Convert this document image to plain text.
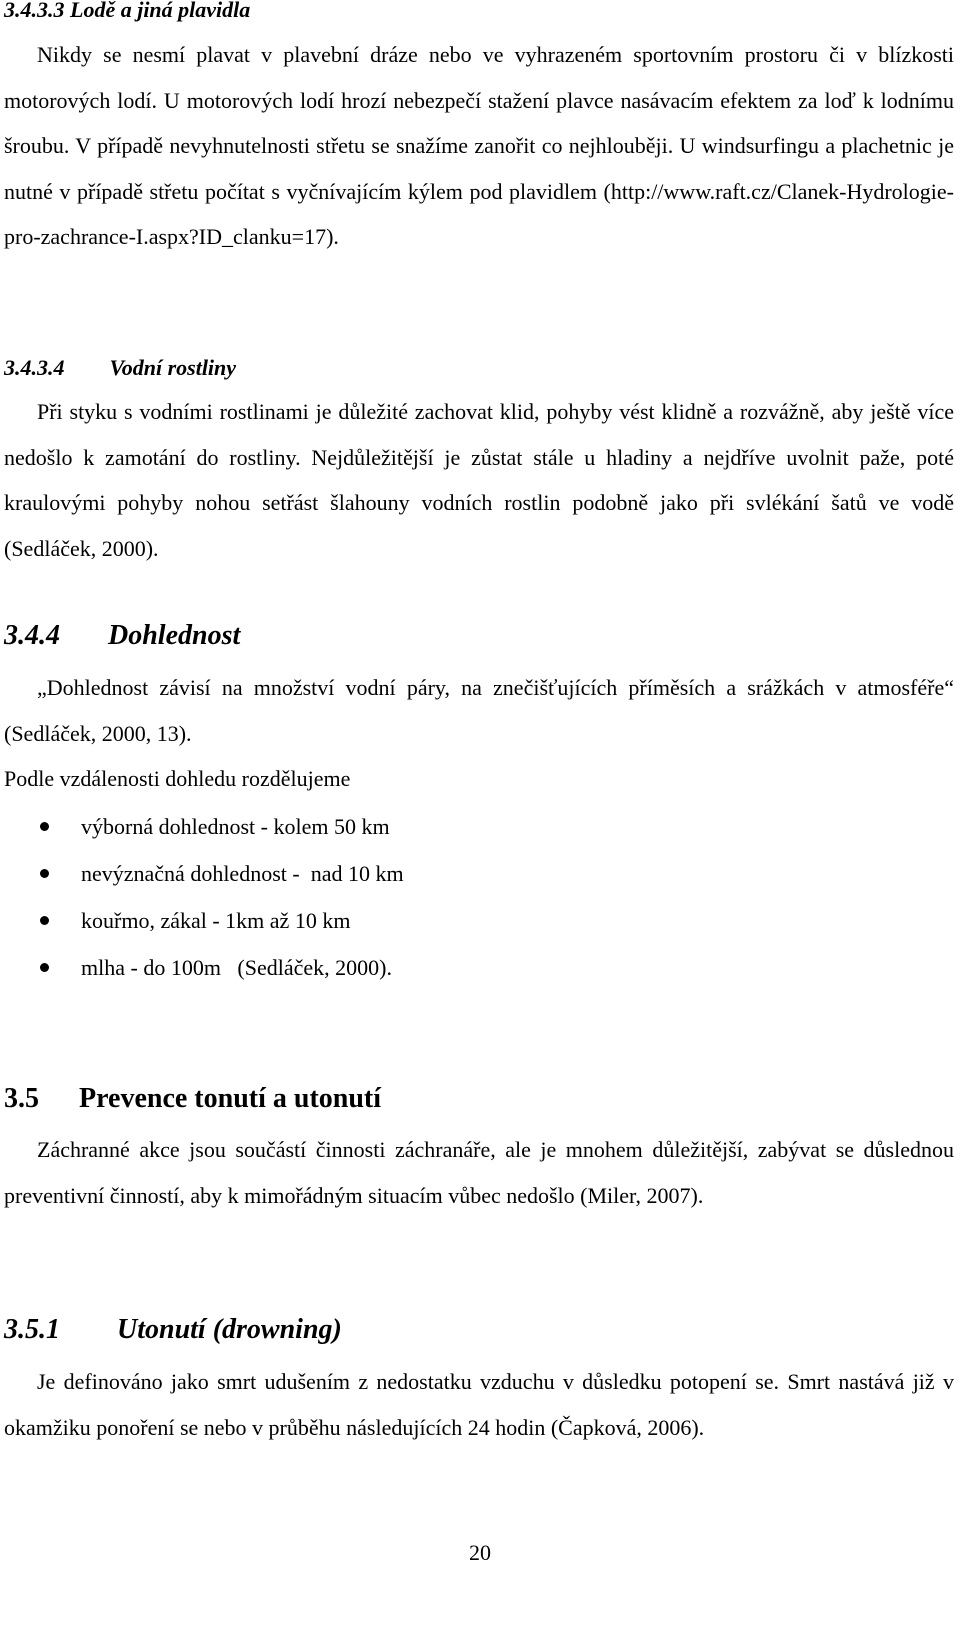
3.4.3.3 Lodě a jiná plavidla

Nikdy se nesmí plavat v plavební dráze nebo ve vyhrazeném sportovním prostoru či v blízkosti motorových lodí. U motorových lodí hrozí nebezpečí stažení plavce nasávacím efektem za loď k lodnímu šroubu. V případě nevyhnutelnosti střetu se snažíme zanořit co nejhlouběji. U windsurfingu a plachetnic je nutné v případě střetu počítat s vyčnívajícím kýlem pod plavidlem (http://www.raft.cz/Clanek-Hydrologie-pro-zachrance-I.aspx?ID_clanku=17).

3.4.3.4 Vodní rostliny

Při styku s vodními rostlinami je důležité zachovat klid, pohyby vést klidně a rozvážně, aby ještě více nedošlo k zamotání do rostliny. Nejdůležitější je zůstat stále u hladiny a nejdříve uvolnit paže, poté kraulovými pohyby nohou setřást šlahouny vodních rostlin podobně jako při svlékání šatů ve vodě (Sedláček, 2000).

3.4.4 Dohlednost

„Dohlednost závisí na množství vodní páry, na znečišťujících příměsích a srážkách v atmosféře“ (Sedláček, 2000, 13).

Podle vzdálenosti dohledu rozdělujeme

výborná dohlednost - kolem 50 km
nevýznačná dohlednost -  nad 10 km
kouřmo, zákal - 1km až 10 km
mlha - do 100m   (Sedláček, 2000).
3.5 Prevence tonutí a utonutí

Záchranné akce jsou součástí činnosti záchranáře, ale je mnohem důležitější, zabývat se důslednou preventivní činností, aby k mimořádným situacím vůbec nedošlo (Miler, 2007).

3.5.1 Utonutí (drowning)

Je definováno jako smrt udušením z nedostatku vzduchu v důsledku potopení se. Smrt nastává již v okamžiku ponoření se nebo v průběhu následujících 24 hodin (Čapková, 2006).

20
